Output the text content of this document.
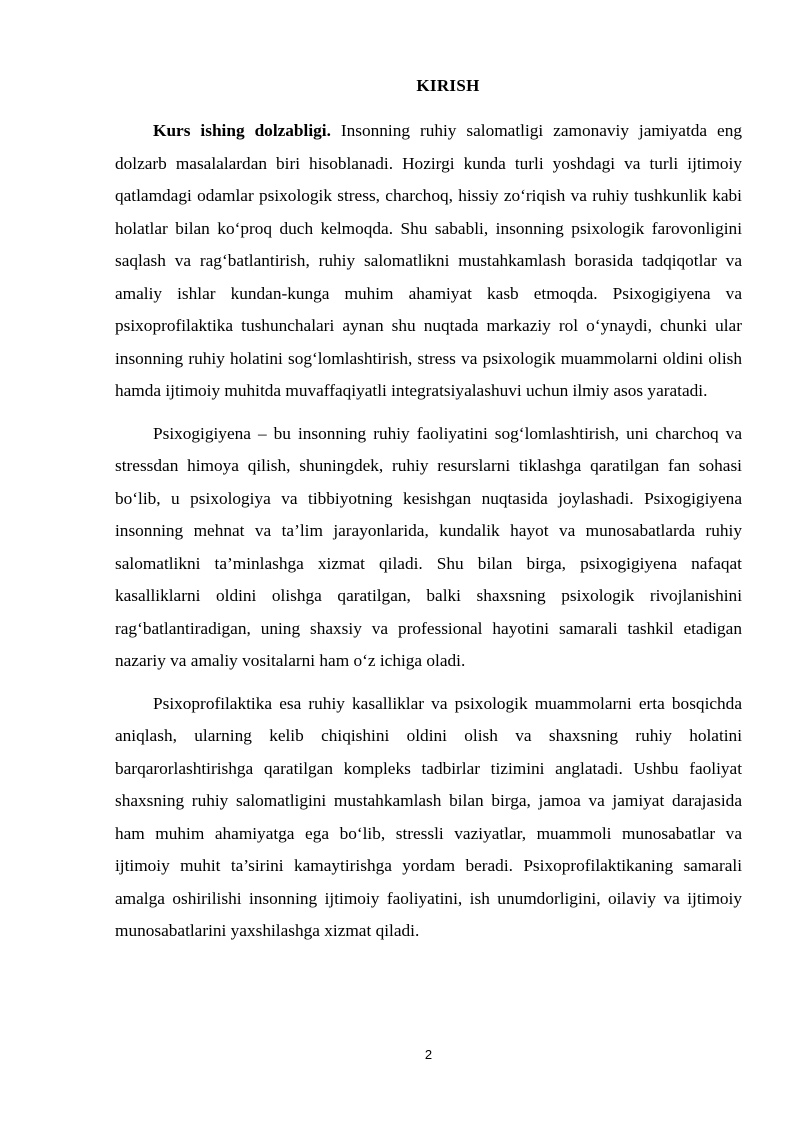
KIRISH

Kurs ishing dolzabligi. Insonning ruhiy salomatligi zamonaviy jamiyatda eng dolzarb masalalardan biri hisoblanadi. Hozirgi kunda turli yoshdagi va turli ijtimoiy qatlamdagi odamlar psixologik stress, charchoq, hissiy zo‘riqish va ruhiy tushkunlik kabi holatlar bilan ko‘proq duch kelmoqda. Shu sababli, insonning psixologik farovonligini saqlash va rag‘batlantirish, ruhiy salomatlikni mustahkamlash borasida tadqiqotlar va amaliy ishlar kundan-kunga muhim ahamiyat kasb etmoqda. Psixogigiyena va psixoprofilaktika tushunchalari aynan shu nuqtada markaziy rol o‘ynaydi, chunki ular insonning ruhiy holatini sog‘lomlashtirish, stress va psixologik muammolarni oldini olish hamda ijtimoiy muhitda muvaffaqiyatli integratsiyalashuvi uchun ilmiy asos yaratadi.

Psixogigiyena – bu insonning ruhiy faoliyatini sog‘lomlashtirish, uni charchoq va stressdan himoya qilish, shuningdek, ruhiy resurslarni tiklashga qaratilgan fan sohasi bo‘lib, u psixologiya va tibbiyotning kesishgan nuqtasida joylashadi. Psixogigiyena insonning mehnat va ta’lim jarayonlarida, kundalik hayot va munosabatlarda ruhiy salomatlikni ta’minlashga xizmat qiladi. Shu bilan birga, psixogigiyena nafaqat kasalliklarni oldini olishga qaratilgan, balki shaxsning psixologik rivojlanishini rag‘batlantiradigan, uning shaxsiy va professional hayotini samarali tashkil etadigan nazariy va amaliy vositalarni ham o‘z ichiga oladi.

Psixoprofilaktika esa ruhiy kasalliklar va psixologik muammolarni erta bosqichda aniqlash, ularning kelib chiqishini oldini olish va shaxsning ruhiy holatini barqarorlashtirishga qaratilgan kompleks tadbirlar tizimini anglatadi. Ushbu faoliyat shaxsning ruhiy salomatligini mustahkamlash bilan birga, jamoa va jamiyat darajasida ham muhim ahamiyatga ega bo‘lib, stressli vaziyatlar, muammoli munosabatlar va ijtimoiy muhit ta’sirini kamaytirishga yordam beradi. Psixoprofilaktikaning samarali amalga oshirilishi insonning ijtimoiy faoliyatini, ish unumdorligini, oilaviy va ijtimoiy munosabatlarini yaxshilashga xizmat qiladi.

2
